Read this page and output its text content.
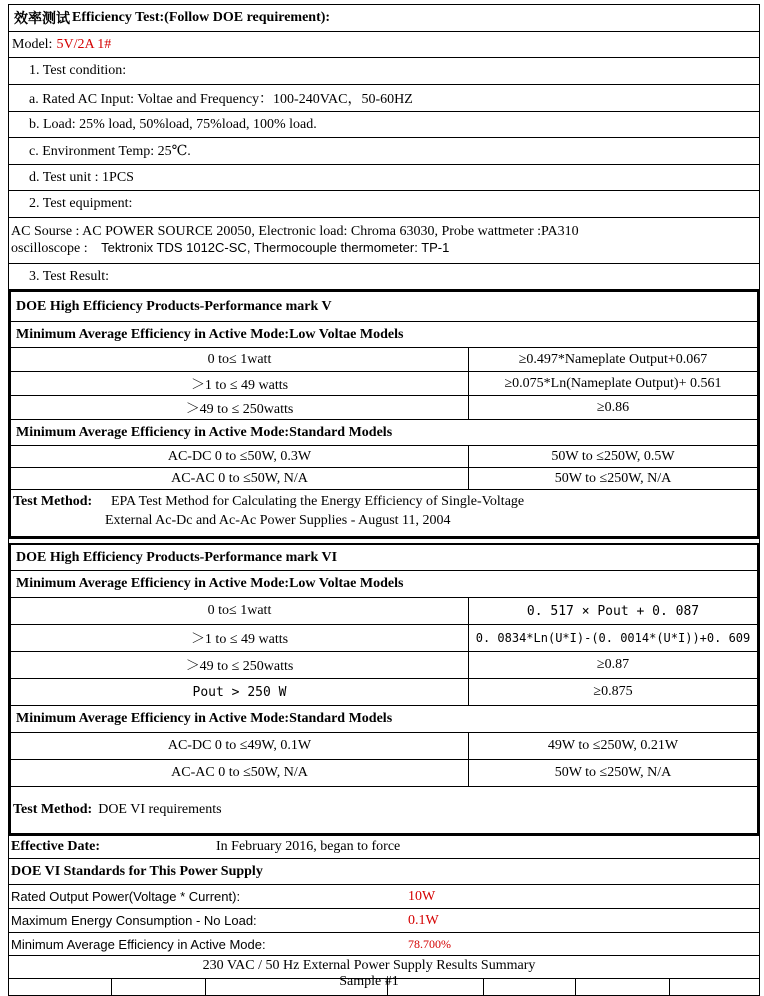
效率测试 Efficiency Test:(Follow DOE requirement):
Model: 5V/2A 1#
1. Test condition:
a. Rated AC Input: Voltae and Frequency：100-240VAC，50-60HZ
b. Load: 25% load, 50%load, 75%load, 100% load.
c. Environment Temp: 25℃.
d. Test unit : 1PCS
2. Test equipment:
AC Sourse : AC POWER SOURCE 20050, Electronic load: Chroma 63030, Probe wattmeter :PA310
oscilloscope : Tektronix TDS 1012C-SC, Thermocouple thermometer: TP-1
3. Test Result:
DOE High Efficiency Products-Performance mark V
Minimum Average Efficiency in Active Mode:Low Voltae Models
0 to≤ 1watt	≥0.497*Nameplate Output+0.067
＞1 to ≤ 49 watts	≥0.075*Ln(Nameplate Output)+ 0.561
＞49 to ≤ 250watts	≥0.86
Minimum Average Efficiency in Active Mode:Standard Models
AC-DC 0 to ≤50W, 0.3W	50W to ≤250W, 0.5W
AC-AC 0 to ≤50W, N/A	50W to ≤250W, N/A
Test Method:	EPA Test Method for Calculating the Energy Efficiency of Single-Voltage
External Ac-Dc and Ac-Ac Power Supplies - August 11, 2004
DOE High Efficiency Products-Performance mark VI
Minimum Average Efficiency in Active Mode:Low Voltae Models
0 to≤ 1watt	0. 517 × Pout + 0. 087
＞1 to ≤ 49 watts	0. 0834*Ln(U*I)-(0. 0014*(U*I))+0. 609
＞49 to ≤ 250watts	≥0.87
Pout > 250 W	≥0.875
Minimum Average Efficiency in Active Mode:Standard Models
AC-DC 0 to ≤49W, 0.1W	49W to ≤250W, 0.21W
AC-AC 0 to ≤50W, N/A	50W to ≤250W, N/A
Test Method: DOE VI requirements
Effective Date:	In February 2016, began to force
DOE VI Standards for This Power Supply
Rated Output Power(Voltage * Current):	10W
Maximum Energy Consumption - No Load:	0.1W
Minimum Average Efficiency in Active Mode:	78.700%
230 VAC / 50 Hz External Power Supply Results Summary
Sample #1
